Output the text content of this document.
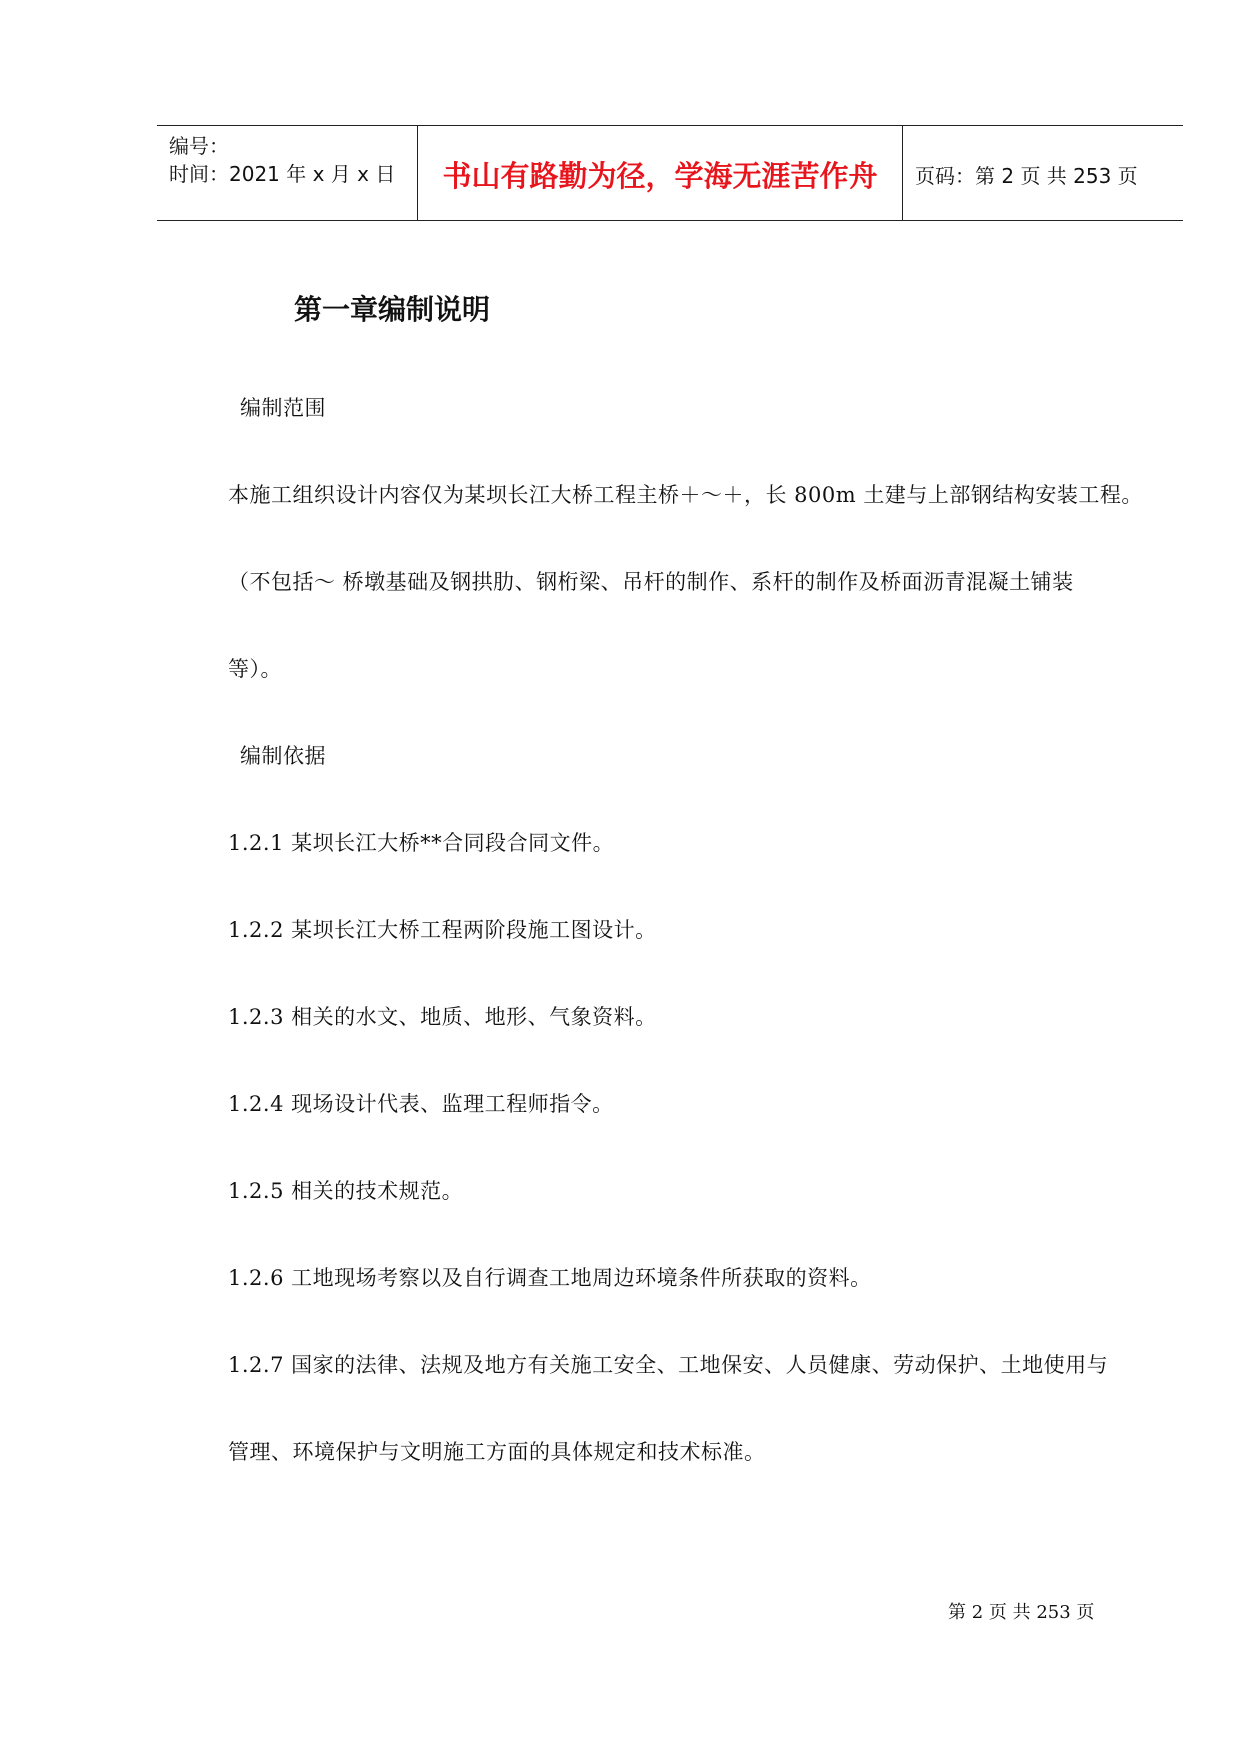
编号：
时间：2021 年 x 月 x 日	书山有路勤为径，学海无涯苦作舟	页码：第 2 页 共 253 页
第一章编制说明
编制范围
本施工组织设计内容仅为某坝长江大桥工程主桥＋～＋，长 800m 土建与上部钢结构安装工程。
（不包括～ 桥墩基础及钢拱肋、钢桁梁、吊杆的制作、系杆的制作及桥面沥青混凝土铺装
等）。
编制依据
1.2.1 某坝长江大桥**合同段合同文件。
1.2.2 某坝长江大桥工程两阶段施工图设计。
1.2.3 相关的水文、地质、地形、气象资料。
1.2.4 现场设计代表、监理工程师指令。
1.2.5 相关的技术规范。
1.2.6 工地现场考察以及自行调查工地周边环境条件所获取的资料。
1.2.7 国家的法律、法规及地方有关施工安全、工地保安、人员健康、劳动保护、土地使用与
管理、环境保护与文明施工方面的具体规定和技术标准。
第 2 页 共 253 页
